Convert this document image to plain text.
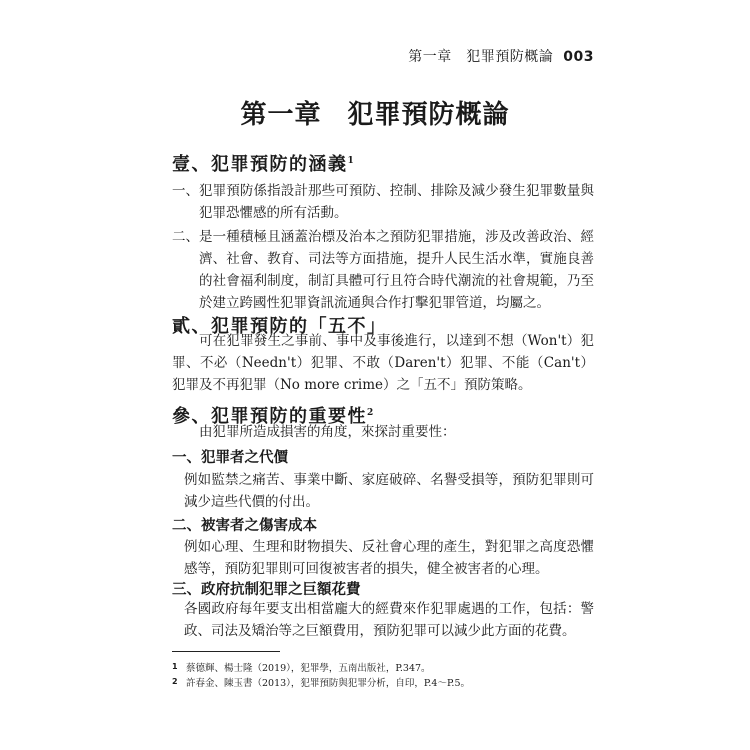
第一章　犯罪預防概論 003
第一章 犯罪預防概論
壹、犯罪預防的涵義$^1$
一、 犯罪預防係指設計那些可預防、控制、排除及減少發生犯罪數量與犯罪恐懼感的所有活動。
二、 是一種積極且涵蓋治標及治本之預防犯罪措施，涉及改善政治、經濟、社會、教育、司法等方面措施，提升人民生活水準，實施良善的社會福利制度，制訂具體可行且符合時代潮流的社會規範，乃至於建立跨國性犯罪資訊流通與合作打擊犯罪管道，均屬之。
貳、犯罪預防的「五不」
可在犯罪發生之事前、事中及事後進行，以達到不想（Won't）犯罪、不必（Needn't）犯罪、不敢（Daren't）犯罪、不能（Can't）犯罪及不再犯罪（No more crime）之「五不」預防策略。
參、犯罪預防的重要性$^2$
由犯罪所造成損害的角度，來探討重要性：
一、犯罪者之代價
例如監禁之痛苦、事業中斷、家庭破碎、名譽受損等，預防犯罪則可減少這些代價的付出。
二、被害者之傷害成本
例如心理、生理和財物損失、反社會心理的產生，對犯罪之高度恐懼感等，預防犯罪則可回復被害者的損失，健全被害者的心理。
三、政府抗制犯罪之巨額花費
各國政府每年要支出相當龐大的經費來作犯罪處遇的工作，包括：警政、司法及矯治等之巨額費用，預防犯罪可以減少此方面的花費。
1 蔡德輝、楊士隆（2019），犯罪學，五南出版社，P.347。
2 許春金、陳玉書（2013），犯罪預防與犯罪分析，自印，P.4～P.5。
